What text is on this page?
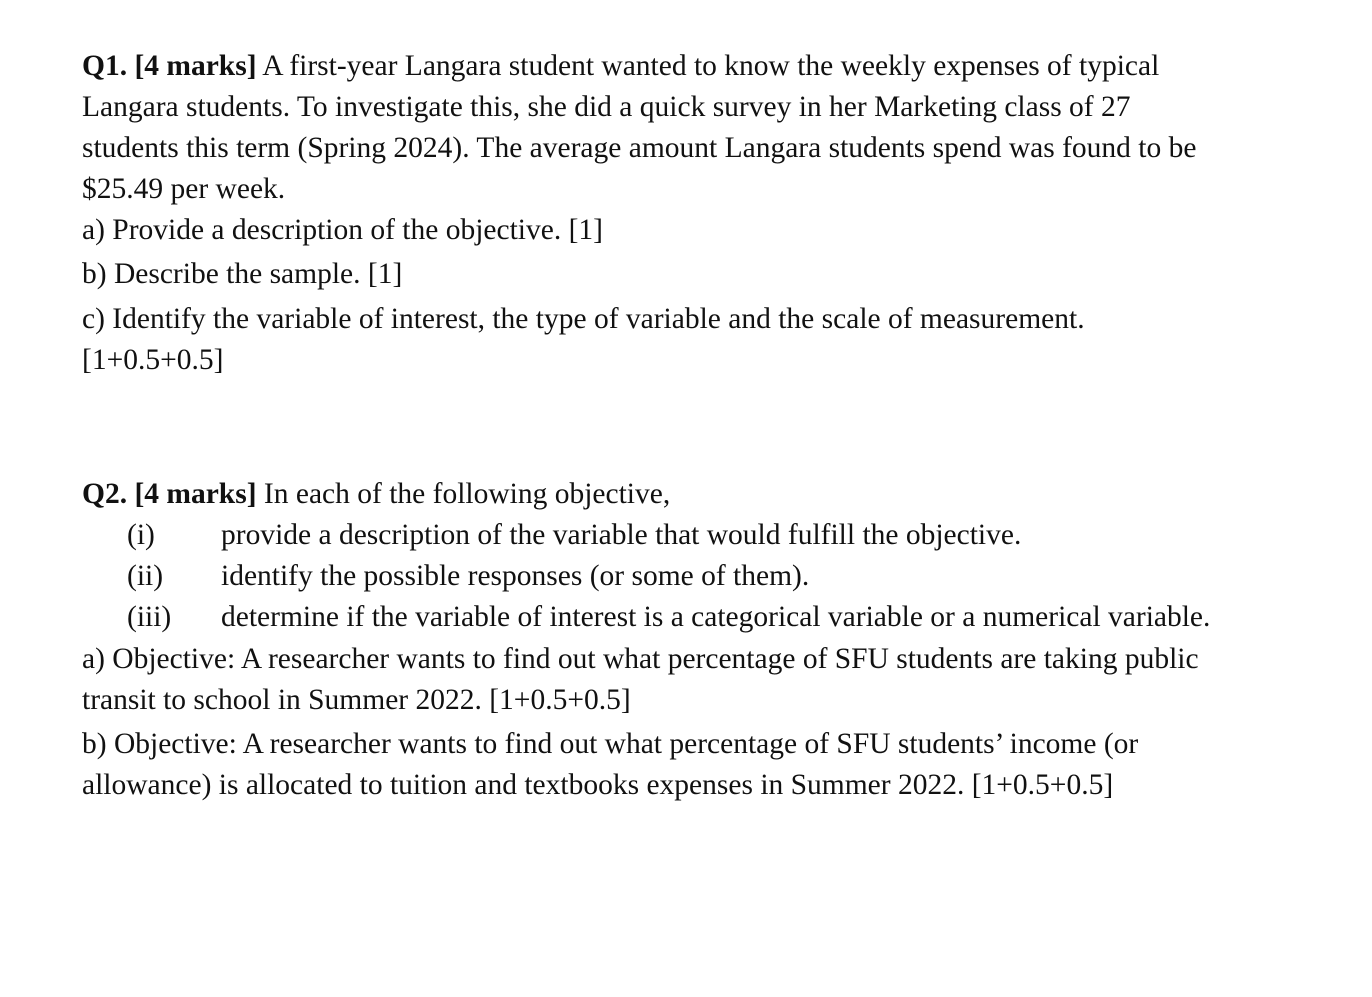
Q1. [4 marks] A first-year Langara student wanted to know the weekly expenses of typical
Langara students. To investigate this, she did a quick survey in her Marketing class of 27
students this term (Spring 2024). The average amount Langara students spend was found to be
$25.49 per week.
a) Provide a description of the objective. [1]
b) Describe the sample. [1]
c) Identify the variable of interest, the type of variable and the scale of measurement.
[1+0.5+0.5]
Q2. [4 marks] In each of the following objective,
(i) provide a description of the variable that would fulfill the objective.
(ii) identify the possible responses (or some of them).
(iii) determine if the variable of interest is a categorical variable or a numerical variable.
a) Objective: A researcher wants to find out what percentage of SFU students are taking public
transit to school in Summer 2022. [1+0.5+0.5]
b) Objective: A researcher wants to find out what percentage of SFU students’ income (or
allowance) is allocated to tuition and textbooks expenses in Summer 2022. [1+0.5+0.5]
